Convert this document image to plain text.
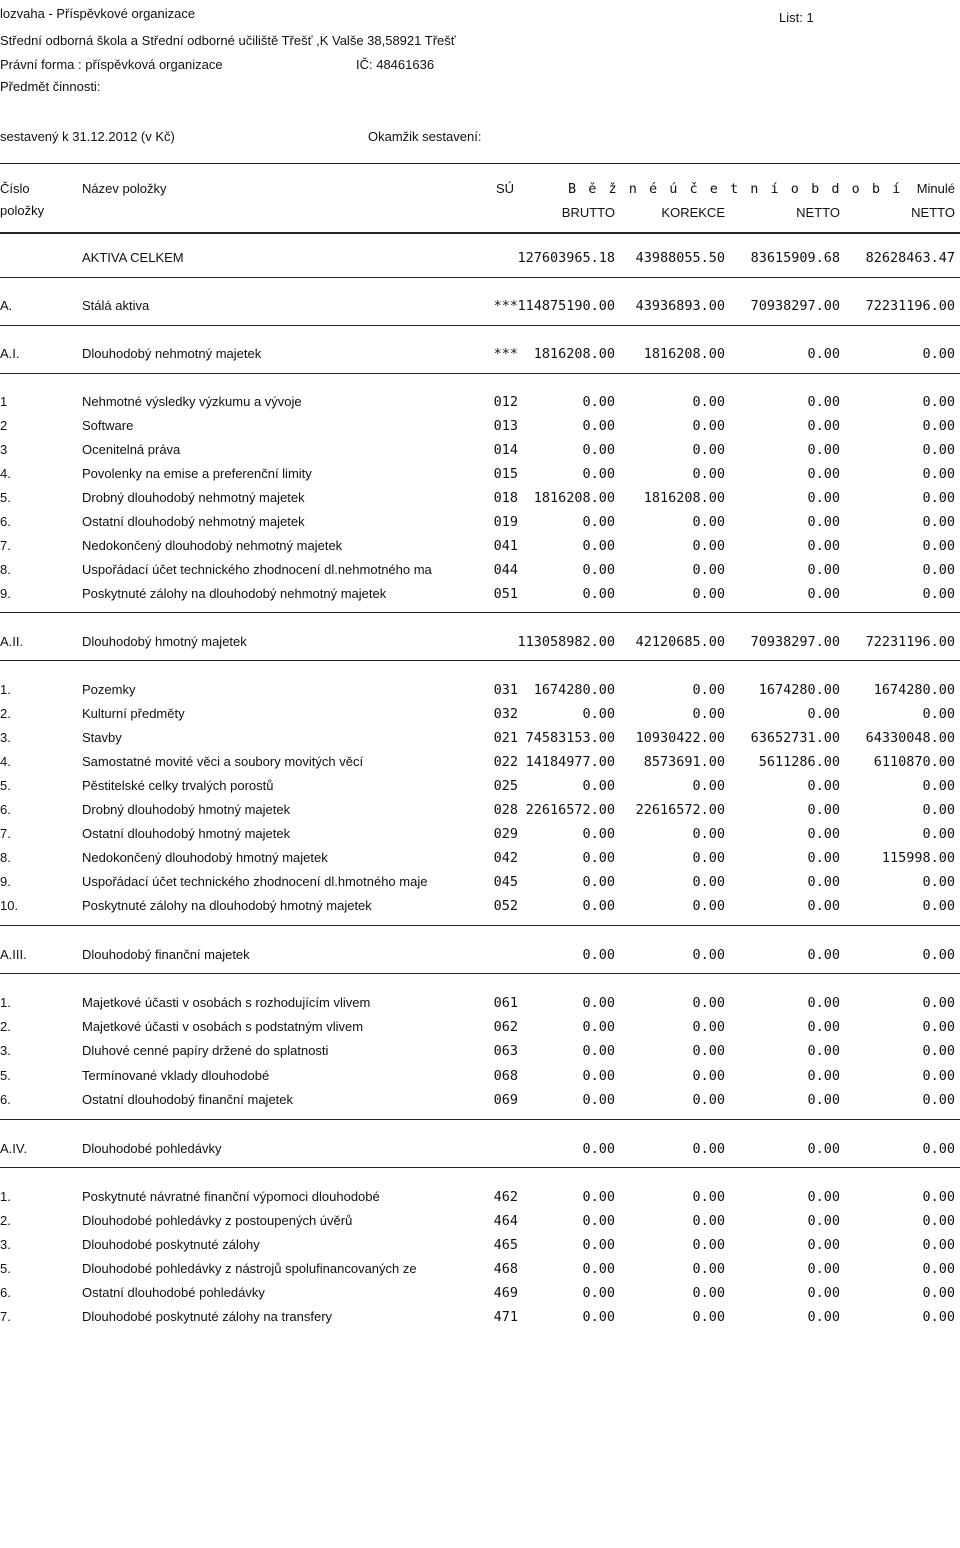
lozvaha - Příspěvkové organizace
Střední odborná škola a Střední odborné učiliště Třešť ,K Valše 38,58921 Třešť
List: 1
Právní forma : příspěvková organizace	IČ: 48461636
Předmět činnosti:
sestavený k 31.12.2012 (v Kč)	Okamžik sestavení:
Číslo
položky
Název položky	SÚ	B ě ž n é ú č e t n í o b d o b í	Minulé
BRUTTO	KOREKCE	NETTO	NETTO
AKTIVA CELKEM	127603965.18	43988055.50	83615909.68	82628463.47
A.	Stálá aktiva	*** 114875190.00	43936893.00	70938297.00	72231196.00
A.I.	Dlouhodobý nehmotný majetek	***	1816208.00	1816208.00	0.00	0.00
1	Nehmotné výsledky výzkumu a vývoje	012	0.00	0.00	0.00	0.00
2	Software	013	0.00	0.00	0.00	0.00
3	Ocenitelná práva	014	0.00	0.00	0.00	0.00
4.	Povolenky na emise a preferenční limity	015	0.00	0.00	0.00	0.00
5.	Drobný dlouhodobý nehmotný majetek	018	1816208.00	1816208.00	0.00	0.00
6.	Ostatní dlouhodobý nehmotný majetek	019	0.00	0.00	0.00	0.00
7.	Nedokončený dlouhodobý nehmotný majetek	041	0.00	0.00	0.00	0.00
8.	Uspořádací účet technického zhodnocení dl.nehmotného ma	044	0.00	0.00	0.00	0.00
9.	Poskytnuté zálohy na dlouhodobý nehmotný majetek	051	0.00	0.00	0.00	0.00
A.II.	Dlouhodobý hmotný majetek	113058982.00	42120685.00	70938297.00	72231196.00
1.	Pozemky	031	1674280.00	0.00	1674280.00	1674280.00
2.	Kulturní předměty	032	0.00	0.00	0.00	0.00
3.	Stavby	021 74583153.00	10930422.00	63652731.00	64330048.00
4.	Samostatné movité věci a soubory movitých věcí	022 14184977.00	8573691.00	5611286.00	6110870.00
5.	Pěstitelské celky trvalých porostů	025	0.00	0.00	0.00	0.00
6.	Drobný dlouhodobý hmotný majetek	028 22616572.00	22616572.00	0.00	0.00
7.	Ostatní dlouhodobý hmotný majetek	029	0.00	0.00	0.00	0.00
8.	Nedokončený dlouhodobý hmotný majetek	042	0.00	0.00	0.00	115998.00
9.	Uspořádací účet technického zhodnocení dl.hmotného maje	045	0.00	0.00	0.00	0.00
10.	Poskytnuté zálohy na dlouhodobý hmotný majetek	052	0.00	0.00	0.00	0.00
A.III.	Dlouhodobý finanční majetek	0.00	0.00	0.00	0.00
1.	Majetkové účasti v osobách s rozhodujícím vlivem	061	0.00	0.00	0.00	0.00
2.	Majetkové účasti v osobách s podstatným vlivem	062	0.00	0.00	0.00	0.00
3.	Dluhové cenné papíry držené do splatnosti	063	0.00	0.00	0.00	0.00
5.	Termínované vklady dlouhodobé	068	0.00	0.00	0.00	0.00
6.	Ostatní dlouhodobý finanční majetek	069	0.00	0.00	0.00	0.00
A.IV.	Dlouhodobé pohledávky	0.00	0.00	0.00	0.00
1.	Poskytnuté návratné finanční výpomoci dlouhodobé	462	0.00	0.00	0.00	0.00
2.	Dlouhodobé pohledávky z postoupených úvěrů	464	0.00	0.00	0.00	0.00
3.	Dlouhodobé poskytnuté zálohy	465	0.00	0.00	0.00	0.00
5.	Dlouhodobé pohledávky z nástrojů spolufinancovaných ze	468	0.00	0.00	0.00	0.00
6.	Ostatní dlouhodobé pohledávky	469	0.00	0.00	0.00	0.00
7.	Dlouhodobé poskytnuté zálohy na transfery	471	0.00	0.00	0.00	0.00
